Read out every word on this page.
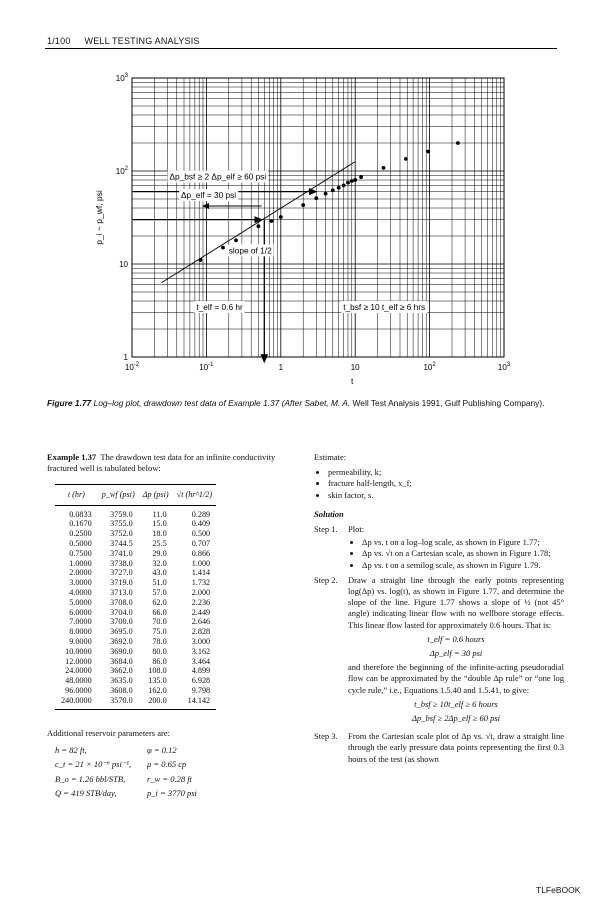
1/100 WELL TESTING ANALYSIS
$10^{-2}$	$10^{-1}$	1	10	$10^2$	$10^3$
1
10
$10^2$
$10^3$
t
p_i − p_wf, psi
Δp_bsf ≥ 2 Δp_elf ≥ 60 psi
Δp_elf = 30 psi
slope of 1/2
t_elf = 0.6 hr	t_bsf ≥ 10 t_elf ≥ 6 hrs
Figure 1.77 Log–log plot, drawdown test data of Example 1.37 (After Sabet, M. A. Well Test Analysis 1991, Gulf Publishing Company).
Example 1.37 The drawdown test data for an infinite conductivity fractured well is tabulated below:
t (hr)	p_wf (psi)	Δp (psi)	√t (hr^1/2)
0.0833	3759.0	11.0	0.289
0.1670	3755.0	15.0	0.409
0.2500	3752.0	18.0	0.500
0.5000	3744.5	25.5	0.707
0.7500	3741.0	29.0	0.866
1.0000	3738.0	32.0	1.000
2.0000	3727.0	43.0	1.414
3.0000	3719.0	51.0	1.732
4.0000	3713.0	57.0	2.000
5.0000	3708.0	62.0	2.236
6.0000	3704.0	66.0	2.449
7.0000	3700.0	70.0	2.646
8.0000	3695.0	75.0	2.828
9.0000	3692.0	78.0	3.000
10.0000	3690.0	80.0	3.162
12.0000	3684.0	86.0	3.464
24.0000	3662.0	108.0	4.899
48.0000	3635.0	135.0	6.928
96.0000	3608.0	162.0	9.798
240.0000	3570.0	200.0	14.142
Additional reservoir parameters are:
h = 82 ft,	φ = 0.12
c_t = 21 × 10⁻⁶ psi⁻¹, μ = 0.65 cp
B_o = 1.26 bbl/STB,	r_w = 0.28 ft
Q = 419 STB/day,	p_i = 3770 psi
Estimate:
• permeability, k;
• fracture half-length, x_f;
• skin factor, s.
Solution
Step 1.	Plot:
• Δp vs. t on a log–log scale, as shown in Figure 1.77;
• Δp vs. √t on a Cartesian scale, as shown in Figure 1.78;
• Δp vs. t on a semilog scale, as shown in Figure 1.79.
Step 2.	Draw a straight line through the early points representing log(Δp) vs. log(t), as shown in Figure 1.77, and determine the slope of the line. Figure 1.77 shows a slope of ½ (not 45° angle) indicating linear flow with no wellbore storage effects. This linear flow lasted for approximately 0.6 hours. That is:
t_elf = 0.6 hours
Δp_elf = 30 psi
and therefore the beginning of the infinite-acting pseudoradial flow can be approximated by the “double Δp rule” or “one log cycle rule,” i.e., Equations 1.5.40 and 1.5.41, to give:
t_bsf ≥ 10t_elf ≥ 6 hours
Δp_bsf ≥ 2Δp_elf ≥ 60 psi
Step 3.	From the Cartesian scale plot of Δp vs. √t, draw a straight line through the early pressure data points representing the first 0.3 hours of the test (as shown
TLFeBOOK
